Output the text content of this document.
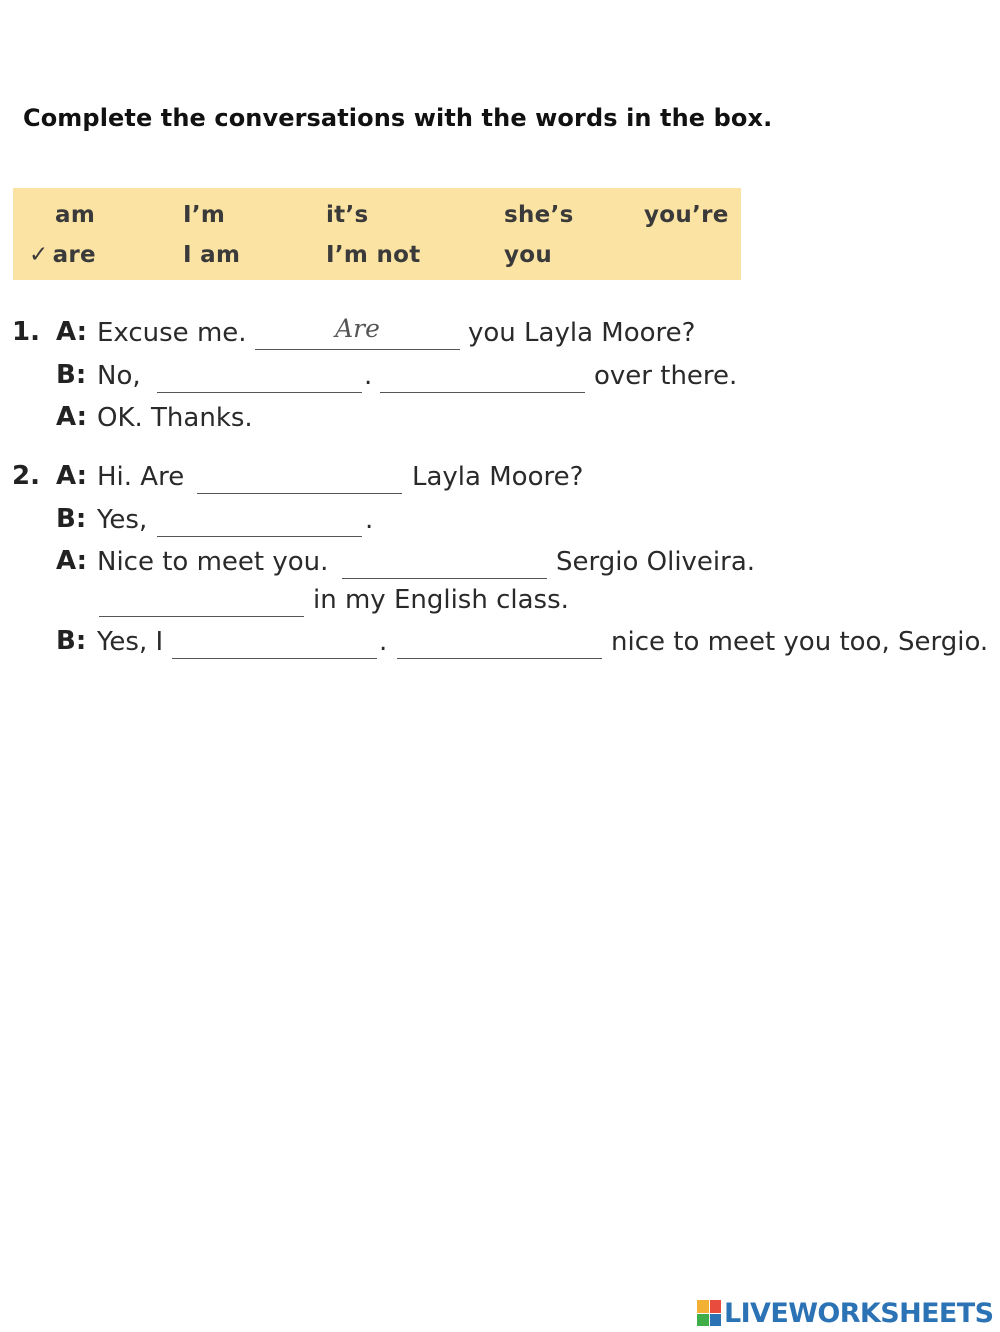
Complete the conversations with the words in the box.
am	I’m	it’s	she’s	you’re
✓ are	I am	I’m not	you
1. A: Excuse me.	Are	you Layla Moore?
B: No,	.	over there.
A: OK. Thanks.
2. A: Hi. Are	Layla Moore?
B: Yes,	.
A: Nice to meet you.	Sergio Oliveira.
in my English class.
B: Yes, I	.	nice to meet you too, Sergio.
LIVEWORKSHEETS
